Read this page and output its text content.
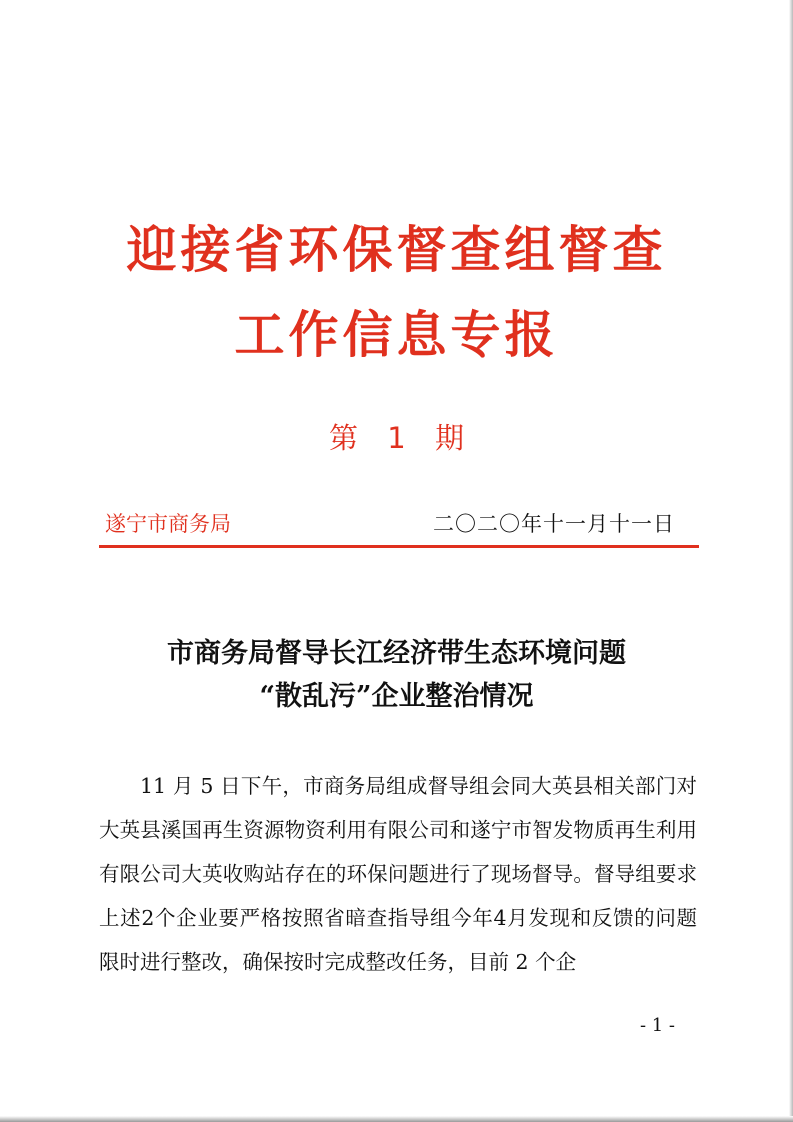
迎接省环保督查组督查
工作信息专报
第 1 期
遂宁市商务局	二〇二〇年十一月十一日
市商务局督导长江经济带生态环境问题
“散乱污”企业整治情况

11 月 5 日下午，市商务局组成督导组会同大英县相关部门对大英县溪国再生资源物资利用有限公司和遂宁市智发物质再生利用有限公司大英收购站存在的环保问题进行了现场督导。督导组要求上述2个企业要严格按照省暗查指导组今年4月发现和反馈的问题限时进行整改，确保按时完成整改任务，目前 2 个企

- 1 -
